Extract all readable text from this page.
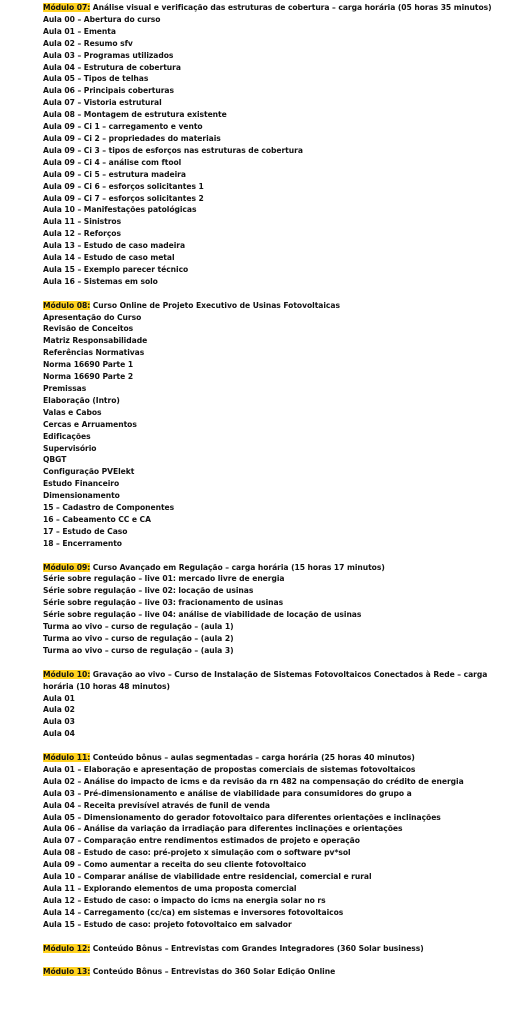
Módulo 07: Análise visual e verificação das estruturas de cobertura – carga horária (05 horas 35 minutos)
Aula 00 – Abertura do curso
Aula 01 – Ementa
Aula 02 – Resumo sfv
Aula 03 – Programas utilizados
Aula 04 – Estrutura de cobertura
Aula 05 – Tipos de telhas
Aula 06 – Principais coberturas
Aula 07 – Vistoria estrutural
Aula 08 – Montagem de estrutura existente
Aula 09 – Ci 1 – carregamento e vento
Aula 09 – Ci 2 – propriedades do materiais
Aula 09 – Ci 3 – tipos de esforços nas estruturas de cobertura
Aula 09 – Ci 4 – análise com ftool
Aula 09 – Ci 5 – estrutura madeira
Aula 09 – Ci 6 – esforços solicitantes 1
Aula 09 – Ci 7 – esforços solicitantes 2
Aula 10 – Manifestações patológicas
Aula 11 – Sinistros
Aula 12 – Reforços
Aula 13 – Estudo de caso madeira
Aula 14 – Estudo de caso metal
Aula 15 – Exemplo parecer técnico
Aula 16 – Sistemas em solo
Módulo 08: Curso Online de Projeto Executivo de Usinas Fotovoltaicas
Apresentação do Curso
Revisão de Conceitos
Matriz Responsabilidade
Referências Normativas
Norma 16690 Parte 1
Norma 16690 Parte 2
Premissas
Elaboração (Intro)
Valas e Cabos
Cercas e Arruamentos
Edificações
Supervisório
QBGT
Configuração PVElekt
Estudo Financeiro
Dimensionamento
15 – Cadastro de Componentes
16 – Cabeamento CC e CA
17 – Estudo de Caso
18 – Encerramento
Módulo 09: Curso Avançado em Regulação – carga horária (15 horas 17 minutos)
Série sobre regulação – live 01: mercado livre de energia
Série sobre regulação – live 02: locação de usinas
Série sobre regulação – live 03: fracionamento de usinas
Série sobre regulação – live 04: análise de viabilidade de locação de usinas
Turma ao vivo – curso de regulação – (aula 1)
Turma ao vivo – curso de regulação – (aula 2)
Turma ao vivo – curso de regulação – (aula 3)
Módulo 10: Gravação ao vivo – Curso de Instalação de Sistemas Fotovoltaicos Conectados à Rede – carga horária (10 horas 48 minutos)
Aula 01
Aula 02
Aula 03
Aula 04
Módulo 11: Conteúdo bônus – aulas segmentadas – carga horária (25 horas 40 minutos)
Aula 01 – Elaboração e apresentação de propostas comerciais de sistemas fotovoltaicos
Aula 02 – Análise do impacto de icms e da revisão da rn 482 na compensação do crédito de energia
Aula 03 – Pré-dimensionamento e análise de viabilidade para consumidores do grupo a
Aula 04 – Receita previsível através de funil de venda
Aula 05 – Dimensionamento do gerador fotovoltaico para diferentes orientações e inclinações
Aula 06 – Análise da variação da irradiação para diferentes inclinações e orientações
Aula 07 – Comparação entre rendimentos estimados de projeto e operação
Aula 08 – Estudo de caso: pré-projeto x simulação com o software pv*sol
Aula 09 – Como aumentar a receita do seu cliente fotovoltaico
Aula 10 – Comparar análise de viabilidade entre residencial, comercial e rural
Aula 11 – Explorando elementos de uma proposta comercial
Aula 12 – Estudo de caso: o impacto do icms na energia solar no rs
Aula 14 – Carregamento (cc/ca) em sistemas e inversores fotovoltaicos
Aula 15 – Estudo de caso: projeto fotovoltaico em salvador
Módulo 12: Conteúdo Bônus – Entrevistas com Grandes Integradores (360 Solar business)
Módulo 13: Conteúdo Bônus – Entrevistas do 360 Solar Edição Online
